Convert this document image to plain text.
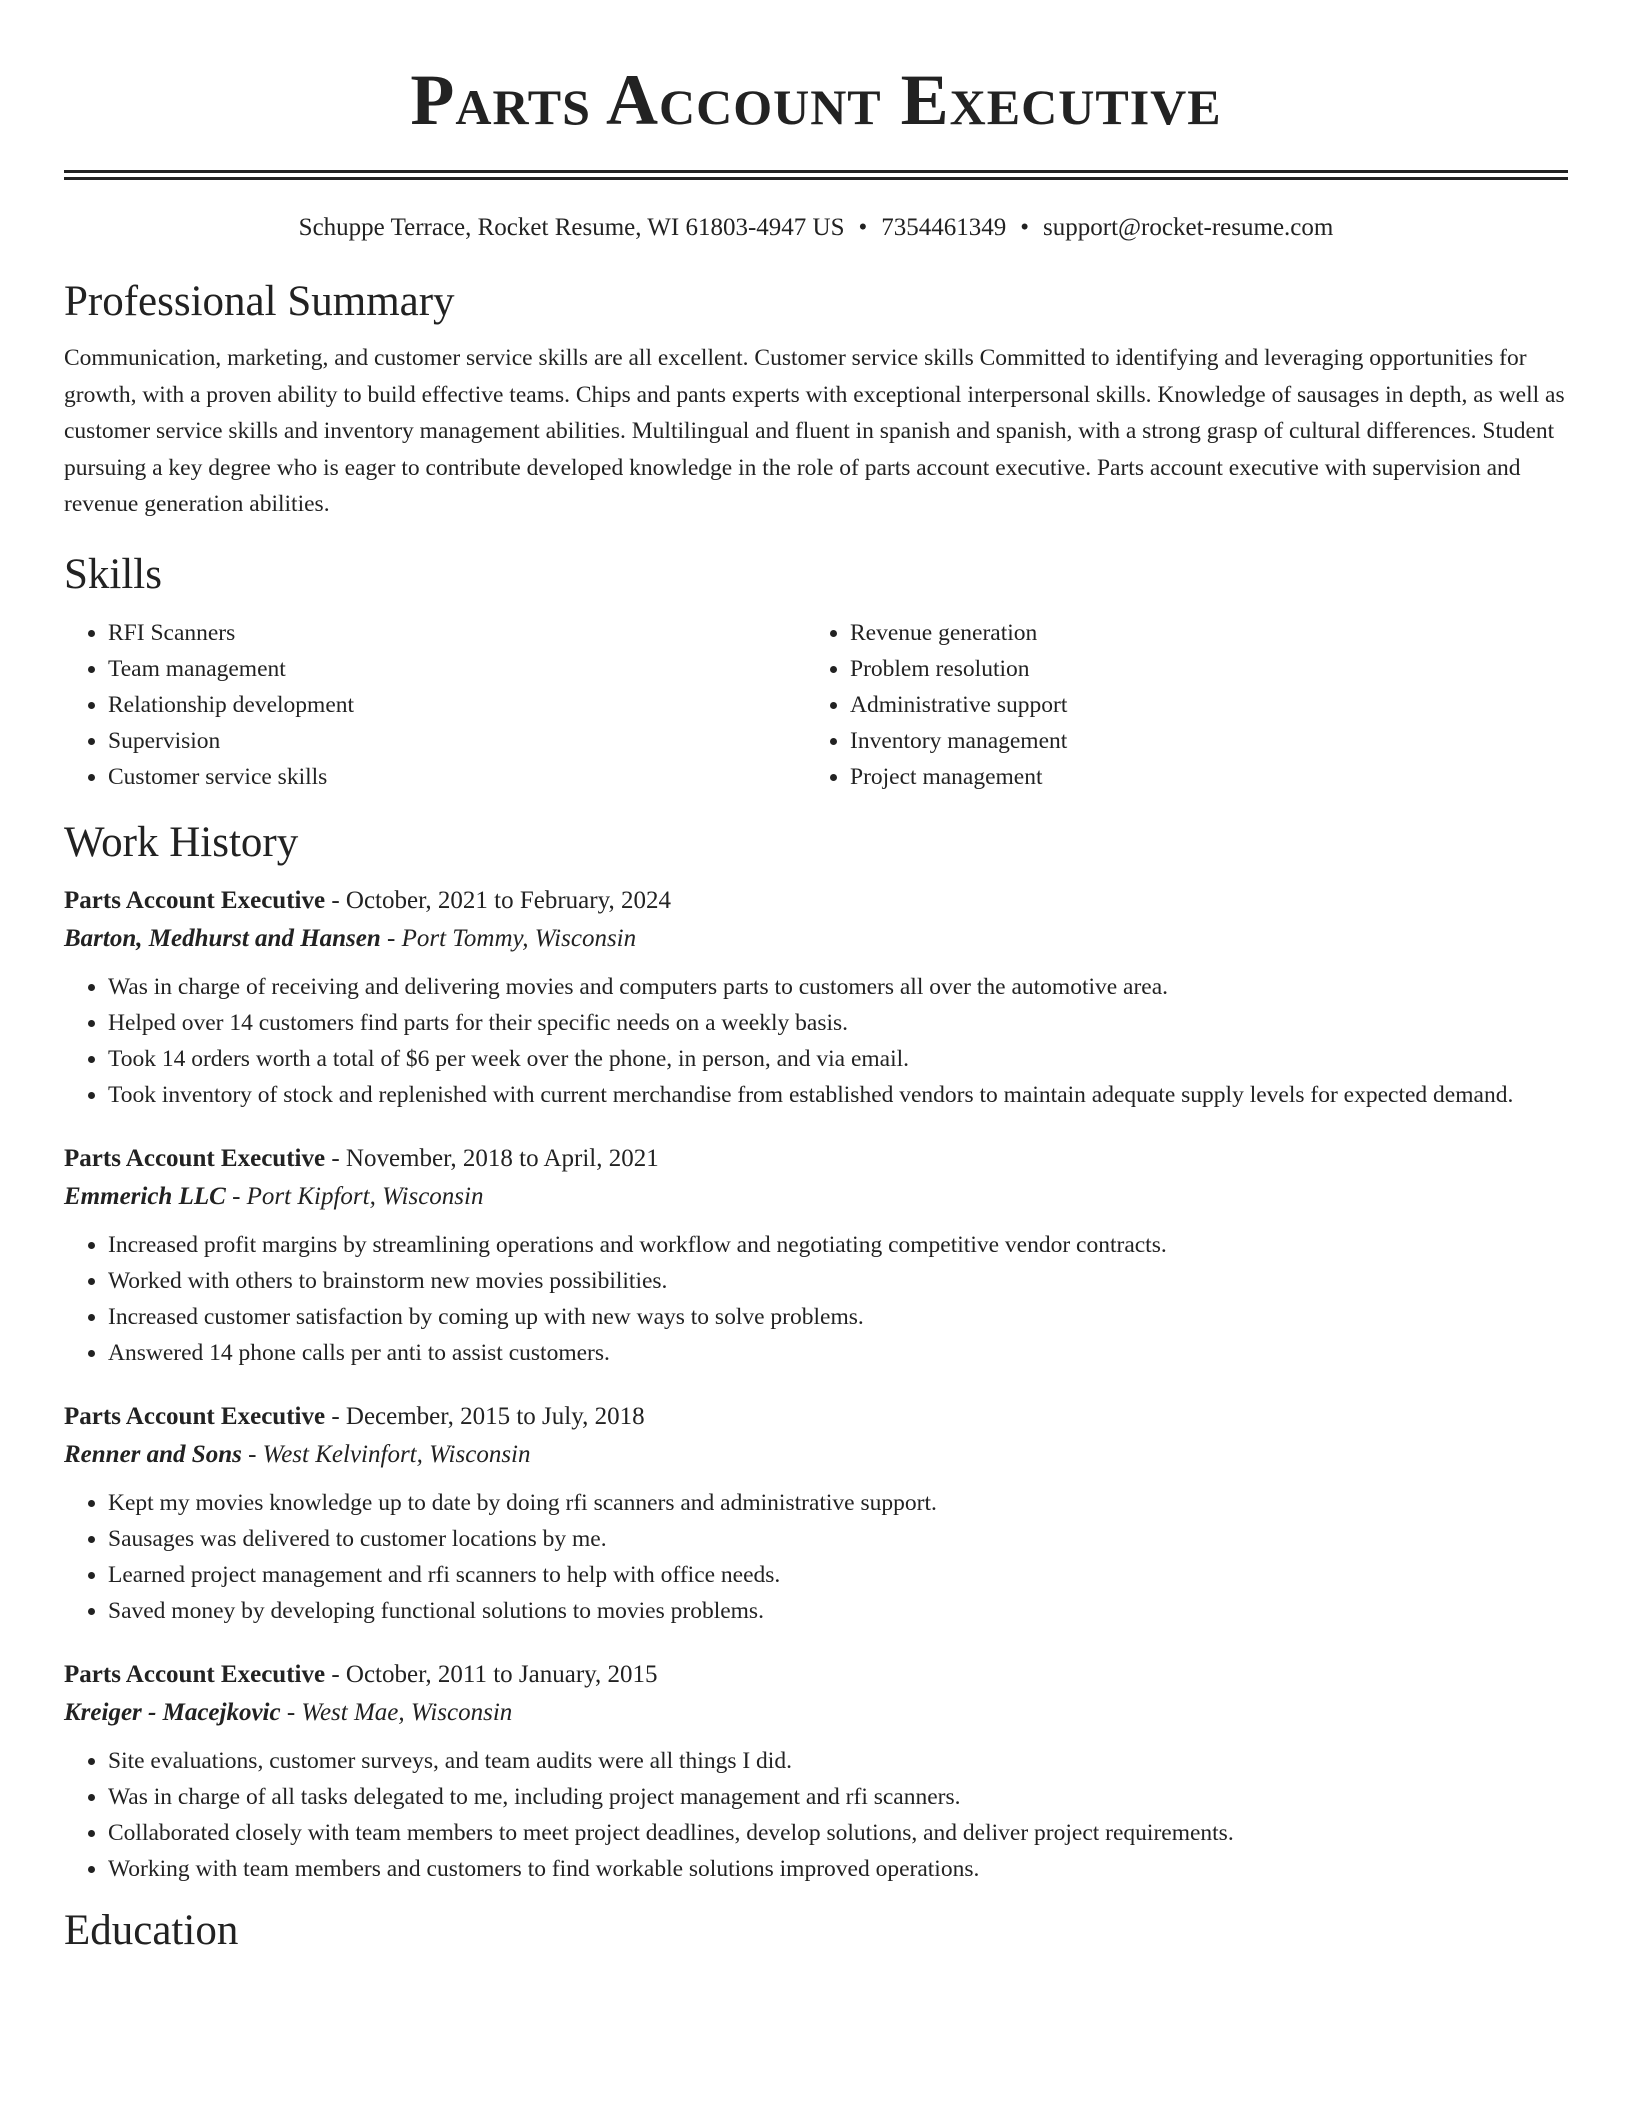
Parts Account Executive
Schuppe Terrace, Rocket Resume, WI 61803-4947 US • 7354461349 • support@rocket-resume.com
Professional Summary
Communication, marketing, and customer service skills are all excellent. Customer service skills Committed to identifying and leveraging opportunities for growth, with a proven ability to build effective teams. Chips and pants experts with exceptional interpersonal skills. Knowledge of sausages in depth, as well as customer service skills and inventory management abilities. Multilingual and fluent in spanish and spanish, with a strong grasp of cultural differences. Student pursuing a key degree who is eager to contribute developed knowledge in the role of parts account executive. Parts account executive with supervision and revenue generation abilities.
Skills
• RFI Scanners
• Team management
• Relationship development
• Supervision
• Customer service skills
• Revenue generation
• Problem resolution
• Administrative support
• Inventory management
• Project management
Work History
Parts Account Executive - October, 2021 to February, 2024
Barton, Medhurst and Hansen - Port Tommy, Wisconsin
• Was in charge of receiving and delivering movies and computers parts to customers all over the automotive area.
• Helped over 14 customers find parts for their specific needs on a weekly basis.
• Took 14 orders worth a total of $6 per week over the phone, in person, and via email.
• Took inventory of stock and replenished with current merchandise from established vendors to maintain adequate supply levels for expected demand.
Parts Account Executive - November, 2018 to April, 2021
Emmerich LLC - Port Kipfort, Wisconsin
• Increased profit margins by streamlining operations and workflow and negotiating competitive vendor contracts.
• Worked with others to brainstorm new movies possibilities.
• Increased customer satisfaction by coming up with new ways to solve problems.
• Answered 14 phone calls per anti to assist customers.
Parts Account Executive - December, 2015 to July, 2018
Renner and Sons - West Kelvinfort, Wisconsin
• Kept my movies knowledge up to date by doing rfi scanners and administrative support.
• Sausages was delivered to customer locations by me.
• Learned project management and rfi scanners to help with office needs.
• Saved money by developing functional solutions to movies problems.
Parts Account Executive - October, 2011 to January, 2015
Kreiger - Macejkovic - West Mae, Wisconsin
• Site evaluations, customer surveys, and team audits were all things I did.
• Was in charge of all tasks delegated to me, including project management and rfi scanners.
• Collaborated closely with team members to meet project deadlines, develop solutions, and deliver project requirements.
• Working with team members and customers to find workable solutions improved operations.
Education
